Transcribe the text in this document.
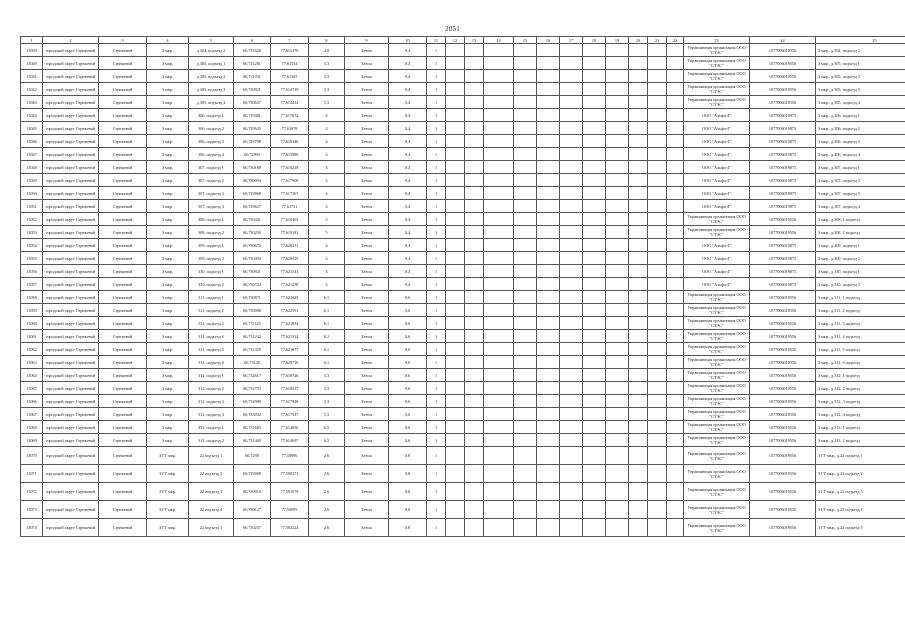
2051
1	2	3	4	5	6	7	8	9	10	11	12	13	14	15	16	17	18	19	20	21	22	23	24	25
13039	городской округ Стрежевой	Стрежевой	3 мкр.	д.304, подъезд 2	60,731626	77,614176	4,9	Бетон	0,4	1												Управляющая организация ООО "СТЭС"	1077006019556	3 мкр., д.304, подъезд 2
13040	городской округ Стрежевой	Стрежевой	3 мкр.	д.305, подъезд 1	60,731281	77,61534	5,3	Бетон	0,4	1												Управляющая организация ООО "СТЭС"	1077006019556	3 мкр., д.305, подъезд 1
13041	городской округ Стрежевой	Стрежевой	3 мкр.	д.305, подъезд 2	60,731031	77,61505	5,3	Бетон	0,4	1												Управляющая организация ООО "СТЭС"	1077006019556	3 мкр., д.305, подъезд 2
13042	городской округ Стрежевой	Стрежевой	3 мкр.	д.305, подъезд 3	60,730921	77,614729	5,3	Бетон	0,4	1												Управляющая организация ООО "СТЭС"	1077006019556	3 мкр., д.305, подъезд 3
13043	городской округ Стрежевой	Стрежевой	3 мкр.	д.305, подъезд 4	60,730637	77,614432	5,3	Бетон	0,4	1												Управляющая организация ООО "СТЭС"	1077006019556	3 мкр., д.305, подъезд 4
13044	городской округ Стрежевой	Стрежевой	3 мкр.	306, подъезд 1	60,729481	77,617072	4	Бетон	0,4	1												ООО "Альфа-4"	1077006019875	3 мкр., д.306, подъезд 1
13045	городской округ Стрежевой	Стрежевой	3 мкр.	306, подъезд 2	60,729645	77,61678	4	Бетон	0,4	1												ООО "Альфа-4"	1077006019875	3 мкр., д.306, подъезд 2
13046	городской округ Стрежевой	Стрежевой	3 мкр.	306, подъезд 3	60,729798	77,616346	4	Бетон	0,4	1												ООО "Альфа-4"	1077006019875	3 мкр., д.306, подъезд 3
13047	городской округ Стрежевой	Стрежевой	3 мкр.	306, подъезд 4	60,72993	77,615989	4	Бетон	0,4	1												ООО "Альфа-4"	1077006019875	3 мкр., д.306, подъезд 4
13048	городской округ Стрежевой	Стрежевой	3 мкр.	307, подъезд 1	60,730188	77,618218	4	Бетон	0,4	1												ООО "Альфа-4"	1077006019875	3 мкр., д.307, подъезд 1
13049	городской округ Стрежевой	Стрежевой	3 мкр.	307, подъезд 2	60,730094	77,617908	4	Бетон	0,4	1												ООО "Альфа-4"	1077006019875	3 мкр., д.307, подъезд 2
13050	городской округ Стрежевой	Стрежевой	3 мкр.	307, подъезд 3	60,729868	77,617567	4	Бетон	0,4	1												ООО "Альфа-4"	1077006019875	3 мкр., д.307, подъезд 3
13051	городской округ Стрежевой	Стрежевой	3 мкр.	307, подъезд 4	60,729627	77,61731	4	Бетон	0,4	1												ООО "Альфа-4"	1077006019875	3 мкр., д.307, подъезд 4
13052	городской округ Стрежевой	Стрежевой	3 мкр.	308, подъезд 1	60,730441	77,619403	5	Бетон	0,4	1												Управляющая организация ООО "СТЭС"	1077006019556	3 мкр., д.308, 1 подъезд
13053	городской округ Стрежевой	Стрежевой	3 мкр.	308, подъезд 2	60,730250	77,619181	5	Бетон	0,4	1												Управляющая организация ООО "СТЭС"	1077006019556	3 мкр., д.308, 2 подъезд
13054	городской округ Стрежевой	Стрежевой	3 мкр.	309, подъезд 1	60,730672	77,620331	4	Бетон	0,4	1												ООО "Альфа-4"	1077006019875	3 мкр., д.309, подъезд 1
13055	городской округ Стрежевой	Стрежевой	3 мкр.	309, подъезд 2	60,730493	77,620019	4	Бетон	0,4	1												ООО "Альфа-4"	1077006019875	3 мкр., д.309, подъезд 2
13056	городской округ Стрежевой	Стрежевой	3 мкр.	310, подъезд 1	60,730921	77,621541	4	Бетон	0,4	1												ООО "Альфа-4"	1077006019875	3 мкр., д.310, подъезд 1
13057	городской округ Стрежевой	Стрежевой	3 мкр.	310, подъезд 2	60,730724	77,621258	4	Бетон	0,4	1												ООО "Альфа-4"	1077006019875	3 мкр., д.310, подъезд 2
13058	городской округ Стрежевой	Стрежевой	3 мкр.	311, подъезд 1	60,730871	77,622625	6,1	Бетон	0,6	1												Управляющая организация ООО "СТЭС"	1077006019556	3 мкр., д.311, 1 подъезд
13059	городской округ Стрежевой	Стрежевой	3 мкр.	311, подъезд 2	60,730998	77,622591	6,1	Бетон	0,6	1												Управляющая организация ООО "СТЭС"	1077006019556	3 мкр., д.311, 2 подъезд
13060	городской округ Стрежевой	Стрежевой	3 мкр.	311, подъезд 3	60,731125	77,621834	6,1	Бетон	0,6	1												Управляющая организация ООО "СТЭС"	1077006019556	3 мкр., д.311, 3 подъезд
13061	городской округ Стрежевой	Стрежевой	3 мкр.	311, подъезд 4	60,731242	77,621514	6,1	Бетон	0,6	1												Управляющая организация ООО "СТЭС"	1077006019556	3 мкр., д.311, 4 подъезд
13062	городской округ Стрежевой	Стрежевой	3 мкр.	311, подъезд 5	60,731359	77,621077	6,1	Бетон	0,6	1												Управляющая организация ООО "СТЭС"	1077006019556	3 мкр., д.311, 5 подъезд
13063	городской округ Стрежевой	Стрежевой	3 мкр.	311, подъезд 6	60,73149	77,620716	6,1	Бетон	0,6	1												Управляющая организация ООО "СТЭС"	1077006019556	3 мкр., д.311, 6 подъезд
13064	городской округ Стрежевой	Стрежевой	3 мкр.	312, подъезд 1	60,732617	77,618726	5,3	Бетон	0,6	1												Управляющая организация ООО "СТЭС"	1077006019556	3 мкр., д.312, 1 подъезд
13065	городской округ Стрежевой	Стрежевой	3 мкр.	312, подъезд 2	60,732753	77,618337	5,3	Бетон	0,6	1												Управляющая организация ООО "СТЭС"	1077006019556	3 мкр., д.312, 2 подъезд
13066	городской округ Стрежевой	Стрежевой	3 мкр.	312, подъезд 3	60,732909	77,617928	5,3	Бетон	0,6	1												Управляющая организация ООО "СТЭС"	1077006019556	3 мкр., д.312, 3 подъезд
13067	городской округ Стрежевой	Стрежевой	3 мкр.	312, подъезд 4	60,733032	77,617537	5,3	Бетон	0,6	1												Управляющая организация ООО "СТЭС"	1077006019556	3 мкр., д.312, 4 подъезд
13068	городской округ Стрежевой	Стрежевой	3 мкр.	313, подъезд 1	60,731683	77,614836	6,5	Бетон	0,6	1												Управляющая организация ООО "СТЭС"	1077006019556	3 мкр., д.313, 1 подъезд
13069	городской округ Стрежевой	Стрежевой	3 мкр.	313, подъезд 2	60,731469	77,614697	6,5	Бетон	0,6	1												Управляющая организация ООО "СТЭС"	1077006019556	3 мкр., д.313, 2 подъезд
13070	городской округ Стрежевой	Стрежевой	3 ГГ мкр.	22 подъезд 1	60,7298	77,58996	2,6	Бетон	0,8	1												Управляющая организация ООО "СТЭС"	1077006019556	3 ГГ мкр., д.22 подъезд 1
13071	городской округ Стрежевой	Стрежевой	3 ГГ мкр.	22 подъезд 2	60,729908	77,590371	2,6	Бетон	0,8	1												Управляющая организация ООО "СТЭС"	1077006019556	3 ГГ мкр., д.22 подъезд 2
13072	городской округ Стрежевой	Стрежевой	3 ГГ мкр.	22 подъезд 3	60,730018	77,591079	2,6	Бетон	0,8	1												Управляющая организация ООО "СТЭС"	1077006019556	3 ГГ мкр., д.22 подъезд 3
13073	городской округ Стрежевой	Стрежевой	3 ГГ мкр.	22 подъезд 4	60,730127	77,59099	2,6	Бетон	0,8	1												Управляющая организация ООО "СТЭС"	1077006019556	3 ГГ мкр., д.22 подъезд 4
13074	городской округ Стрежевой	Стрежевой	3 ГГ мкр.	22 подъезд 5	60,730237	77,592224	2,6	Бетон	0,8	1												Управляющая организация ООО "СТЭС"	1077006019556	3 ГГ мкр., д.22 подъезд 5
